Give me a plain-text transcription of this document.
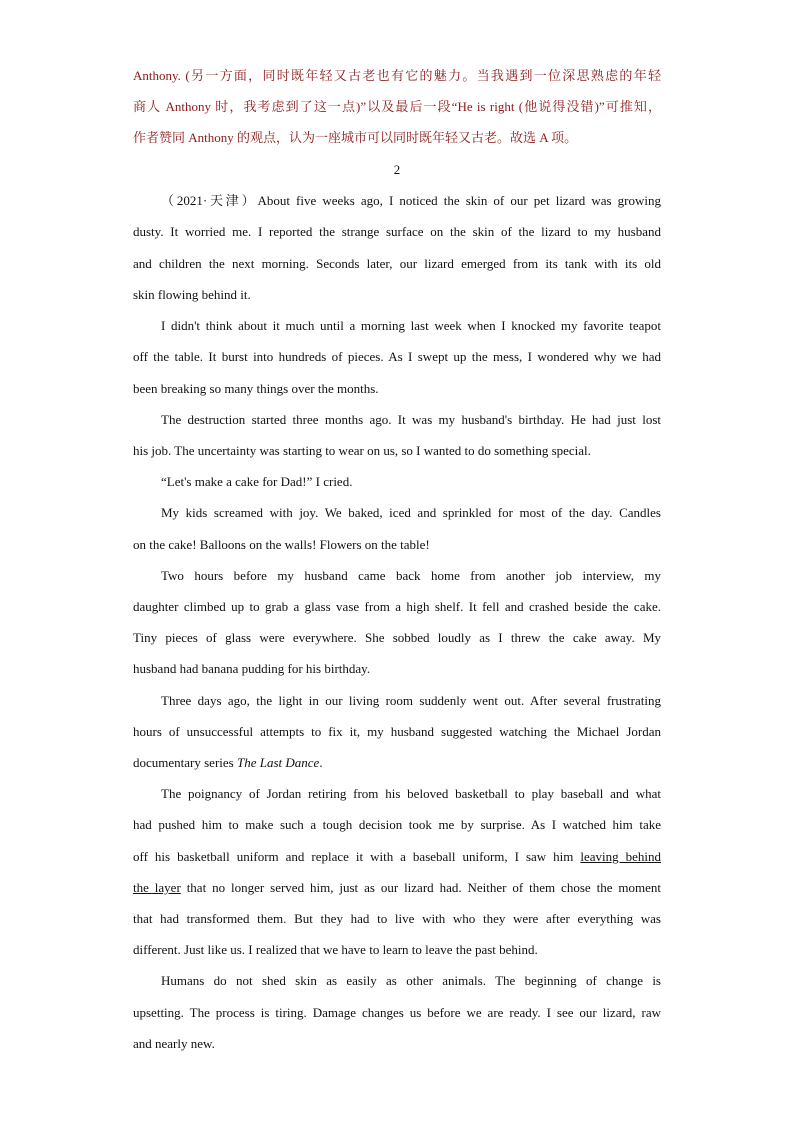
Anthony. (另一方面，同时既年轻又古老也有它的魅力。当我遇到一位深思熟虑的年轻
商人 Anthony 时，我考虑到了这一点)”以及最后一段“He is right (他说得没错)”可推知，
作者赞同 Anthony 的观点，认为一座城市可以同时既年轻又古老。故选 A 项。
2
（2021·天津）About five weeks ago, I noticed the skin of our pet lizard was growing
dusty. It worried me. I reported the strange surface on the skin of the lizard to my husband
and children the next morning. Seconds later, our lizard emerged from its tank with its old
skin flowing behind it.
I didn't think about it much until a morning last week when I knocked my favorite teapot
off the table. It burst into hundreds of pieces. As I swept up the mess, I wondered why we had
been breaking so many things over the months.
The destruction started three months ago. It was my husband's birthday. He had just lost
his job. The uncertainty was starting to wear on us, so I wanted to do something special.
“Let's make a cake for Dad!” I cried.
My kids screamed with joy. We baked, iced and sprinkled for most of the day. Candles
on the cake! Balloons on the walls! Flowers on the table!
Two hours before my husband came back home from another job interview, my
daughter climbed up to grab a glass vase from a high shelf. It fell and crashed beside the cake.
Tiny pieces of glass were everywhere. She sobbed loudly as I threw the cake away. My
husband had banana pudding for his birthday.
Three days ago, the light in our living room suddenly went out. After several frustrating
hours of unsuccessful attempts to fix it, my husband suggested watching the Michael Jordan
documentary series The Last Dance.
The poignancy of Jordan retiring from his beloved basketball to play baseball and what
had pushed him to make such a tough decision took me by surprise. As I watched him take
off his basketball uniform and replace it with a baseball uniform, I saw him leaving behind
the layer that no longer served him, just as our lizard had. Neither of them chose the moment
that had transformed them. But they had to live with who they were after everything was
different. Just like us. I realized that we have to learn to leave the past behind.
Humans do not shed skin as easily as other animals. The beginning of change is
upsetting. The process is tiring. Damage changes us before we are ready. I see our lizard, raw
and nearly new.
